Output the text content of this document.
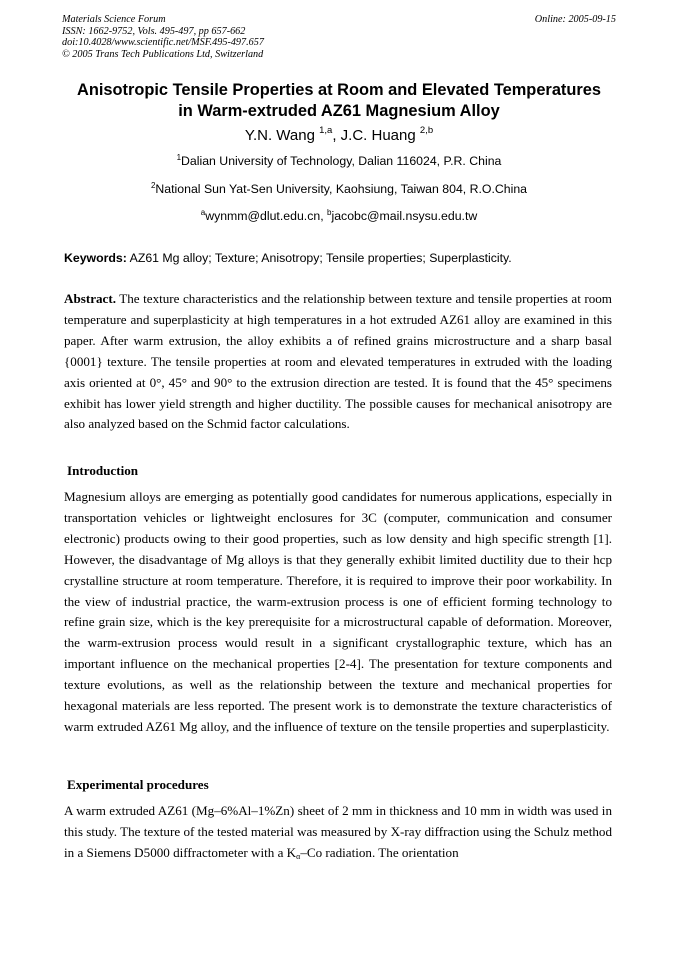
Materials Science Forum
ISSN: 1662-9752, Vols. 495-497, pp 657-662
doi:10.4028/www.scientific.net/MSF.495-497.657
© 2005 Trans Tech Publications Ltd, Switzerland
Online: 2005-09-15
Anisotropic Tensile Properties at Room and Elevated Temperatures
in Warm-extruded AZ61 Magnesium Alloy
Y.N. Wang $^{1,a}$, J.C. Huang $^{2,b}$
$^1$Dalian University of Technology, Dalian 116024, P.R. China
$^2$National Sun Yat-Sen University, Kaohsiung, Taiwan 804, R.O.China
$^a$wynmm@dlut.edu.cn, $^b$jacobc@mail.nsysu.edu.tw
Keywords: AZ61 Mg alloy; Texture; Anisotropy; Tensile properties; Superplasticity.
Abstract. The texture characteristics and the relationship between texture and tensile properties at room temperature and superplasticity at high temperatures in a hot extruded AZ61 alloy are examined in this paper. After warm extrusion, the alloy exhibits a of refined grains microstructure and a sharp basal {0001} texture. The tensile properties at room and elevated temperatures in extruded with the loading axis oriented at 0°, 45° and 90° to the extrusion direction are tested. It is found that the 45° specimens exhibit has lower yield strength and higher ductility. The possible causes for mechanical anisotropy are also analyzed based on the Schmid factor calculations.
Introduction
Magnesium alloys are emerging as potentially good candidates for numerous applications, especially in transportation vehicles or lightweight enclosures for 3C (computer, communication and consumer electronic) products owing to their good properties, such as low density and high specific strength [1]. However, the disadvantage of Mg alloys is that they generally exhibit limited ductility due to their hcp crystalline structure at room temperature. Therefore, it is required to improve their poor workability. In the view of industrial practice, the warm-extrusion process is one of efficient forming technology to refine grain size, which is the key prerequisite for a microstructural capable of deformation. Moreover, the warm-extrusion process would result in a significant crystallographic texture, which has an important influence on the mechanical properties [2-4]. The presentation for texture components and texture evolutions, as well as the relationship between the texture and mechanical properties for hexagonal materials are less reported. The present work is to demonstrate the texture characteristics of warm extruded AZ61 Mg alloy, and the influence of texture on the tensile properties and superplasticity.
Experimental procedures
A warm extruded AZ61 (Mg–6%Al–1%Zn) sheet of 2 mm in thickness and 10 mm in width was used in this study. The texture of the tested material was measured by X-ray diffraction using the Schulz method in a Siemens D5000 diffractometer with a $K_\alpha-Co$ radiation. The orientation
